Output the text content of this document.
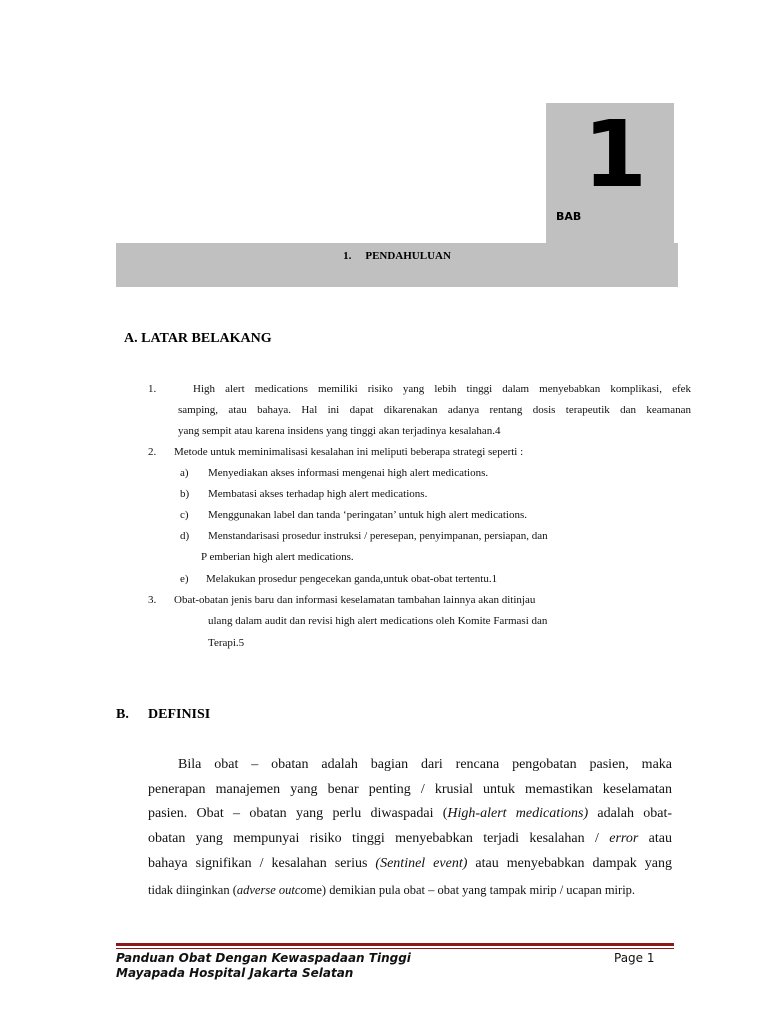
1
BAB
1. PENDAHULUAN
A. LATAR BELAKANG
1.	High alert medications memiliki risiko yang lebih tinggi dalam menyebabkan komplikasi, efek
samping, atau bahaya. Hal ini dapat dikarenakan adanya rentang dosis terapeutik dan keamanan
yang sempit atau karena insidens yang tinggi akan terjadinya kesalahan.4
2. Metode untuk meminimalisasi kesalahan ini meliputi beberapa strategi seperti :
a) Menyediakan akses informasi mengenai high alert medications.
b) Membatasi akses terhadap high alert medications.
c) Menggunakan label dan tanda ‘peringatan’ untuk high alert medications.
d) Menstandarisasi prosedur instruksi / peresepan, penyimpanan, persiapan, dan
P emberian high alert medications.
e) Melakukan prosedur pengecekan ganda,untuk obat-obat tertentu.1
3. Obat-obatan jenis baru dan informasi keselamatan tambahan lainnya akan ditinjau
ulang dalam audit dan revisi high alert medications oleh Komite Farmasi dan
Terapi.5
B. DEFINISI
Bila obat – obatan adalah bagian dari rencana pengobatan pasien, maka
penerapan manajemen yang benar penting / krusial untuk memastikan keselamatan
pasien. Obat – obatan yang perlu diwaspadai (High-alert medications) adalah obat-
obatan yang mempunyai risiko tinggi menyebabkan terjadi kesalahan / error atau
bahaya signifikan / kesalahan serius (Sentinel event) atau menyebabkan dampak yang
tidak diinginkan (adverse outcome) demikian pula obat – obat yang tampak mirip / ucapan mirip.
Panduan Obat Dengan Kewaspadaan Tinggi
Mayapada Hospital Jakarta Selatan
Page 1
